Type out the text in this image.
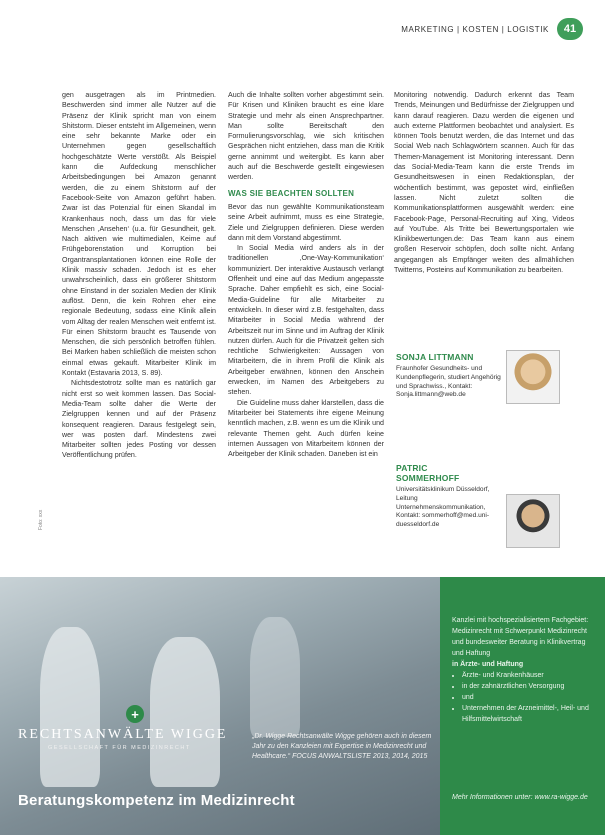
MARKETING | KOSTEN | LOGISTIK	41

gen ausgetragen als im Printmedien. Beschwerden sind immer alle Nutzer auf die Präsenz der Klinik spricht man von einem Shitstorm. Dieser entsteht im Allgemeinen, wenn eine sehr bekannte Marke oder ein Unternehmen gegen gesellschaftlich hochgeschätzte Werte verstößt. Als Beispiel kann die Aufdeckung menschlicher Arbeitsbedingungen bei Amazon genannt werden, die zu einem Shitstorm auf der Facebook-Seite von Amazon geführt haben. Zwar ist das Potenzial für einen Skandal im Krankenhaus noch, dass um das für viele Menschen ‚Ansehen‘ (u.a. für Gesundheit, gelt. Nach aktiven wie multimedialen, Keime auf Frühgeborenstation und Korruption bei Organtransplantationen können eine Rolle der Klinik massiv schaden. Jedoch ist es eher unwahrscheinlich, dass ein größerer Shitstorm ohne Einstand in der sozialen Medien der Klinik auflöst. Denn, die kein Rohren eher eine regionale Bedeutung, sodass eine Klinik allein vom Alltag der realen Menschen weit entfernt ist. Für einen Shitstorm braucht es Tausende von Menschen, die sich persönlich betroffen fühlen. Bei Marken haben schließlich die meisten schon einmal etwas gekauft. Mitarbeiter Klinik im Kontakt (Estavaria 2013, S. 89).

Nichtsdestotrotz sollte man es natürlich gar nicht erst so weit kommen lassen. Das Social-Media-Team sollte daher die Werte der Zielgruppen kennen und auf der Präsenz konsequent reagieren. Daraus festgelegt sein, wer was posten darf. Mindestens zwei Mitarbeiter sollten jedes Posting vor dessen Veröffentlichung prüfen.

Auch die Inhalte sollten vorher abgestimmt sein. Für Krisen und Kliniken braucht es eine klare Strategie und mehr als einen Ansprechpartner. Man sollte Bereitschaft den Formulierungsvorschlag, wie sich kritischen Gesprächen nicht entziehen, dass man die Kritik gerne annimmt und weitergibt. Es kann aber auch auf die Beschwerde gestellt eingewiesen werden.

WAS SIE BEACHTEN SOLLTEN

Bevor das nun gewählte Kommunikationsteam seine Arbeit aufnimmt, muss es eine Strategie, Ziele und Zielgruppen definieren. Diese werden dann mit dem Vorstand abgestimmt.

In Social Media wird anders als in der traditionellen ‚One-Way-Kommunikation‘ kommuniziert. Der interaktive Austausch verlangt Offenheit und eine auf das Medium angepasste Sprache. Daher empfiehlt es sich, eine Social-Media-Guideline für alle Mitarbeiter zu entwickeln. In dieser wird z.B. festgehalten, dass Mitarbeiter in Social Media während der Arbeitszeit nur im Sinne und im Auftrag der Klinik nutzen dürfen. Auch für die Privatzeit gelten sich rechtliche Schwierigkeiten: Aussagen von Mitarbeitern, die in ihrem Profil die Klinik als Arbeitgeber erwähnen, können den Anschein erwecken, im Namen des Arbeitgebers zu stehen.

Die Guideline muss daher klarstellen, dass die Mitarbeiter bei Statements ihre eigene Meinung kenntlich machen, z.B. wenn es um die Klinik und relevante Themen geht. Auch dürfen keine internen Aussagen von Mitarbeitern können der Arbeitgeber der Klinik schaden. Daneben ist ein

Monitoring notwendig. Dadurch erkennt das Team Trends, Meinungen und Bedürfnisse der Zielgruppen und kann darauf reagieren. Dazu werden die eigenen und auch externe Plattformen beobachtet und analysiert. Es können Tools benutzt werden, die das Internet und das Social Web nach Schlagwörtern scannen. Auch für das Themen-Management ist Monitoring interessant. Denn das Social-Media-Team kann die erste Trends im Gesundheitswesen in einen Redaktionsplan, der wöchentlich bestimmt, was gepostet wird, einfließen lassen. Nicht zuletzt sollten die Kommunikationsplattformen ausgewählt werden: eine Facebook-Page, Personal-Recruiting auf Xing, Videos auf YouTube. Als Tritte bei Bewertungsportalen wie Klinikbewertungen.de: Das Team kann aus einem großen Reservoir schöpfen, doch sollte nicht. Anfang angegangen als Empfänger weiten des allmählichen Twitterns, Posteins auf Kommunikation zu bearbeiten.

SONJA LITTMANN
Fraunhofer Gesundheits- und Kundenpflegerin, studiert Angehörig und Sprachwiss., Kontakt: Sonja.littmann@web.de
PATRIC SOMMERHOFF
Universitätsklinikum Düsseldorf, Leitung Unternehmenskommunikation, Kontakt: sommerhoff@med.uni-duesseldorf.de
Foto: xxx
+
RECHTSANWÄLTE WIGGE
GESELLSCHAFT FÜR MEDIZINRECHT
„Dr. Wigge Rechtsanwälte Wigge gehören auch in diesem Jahr zu den Kanzleien mit Expertise in Medizinrecht und Healthcare.“ FOCUS ANWALTSLISTE 2013, 2014, 2015
Beratungskompetenz im Medizinrecht
Kanzlei mit hochspezialisiertem Fachgebiet: Medizinrecht mit Schwerpunkt Medizinrecht und bundesweiter Beratung in Klinikvertrag und Haftung
in Ärzte- und Haftung
• Ärzte- und Krankenhäuser
• in der zahnärztlichen Versorgung
• und
• Unternehmen der Arzneimittel-, Heil- und Hilfsmittelwirtschaft
Mehr Informationen unter: www.ra-wigge.de
